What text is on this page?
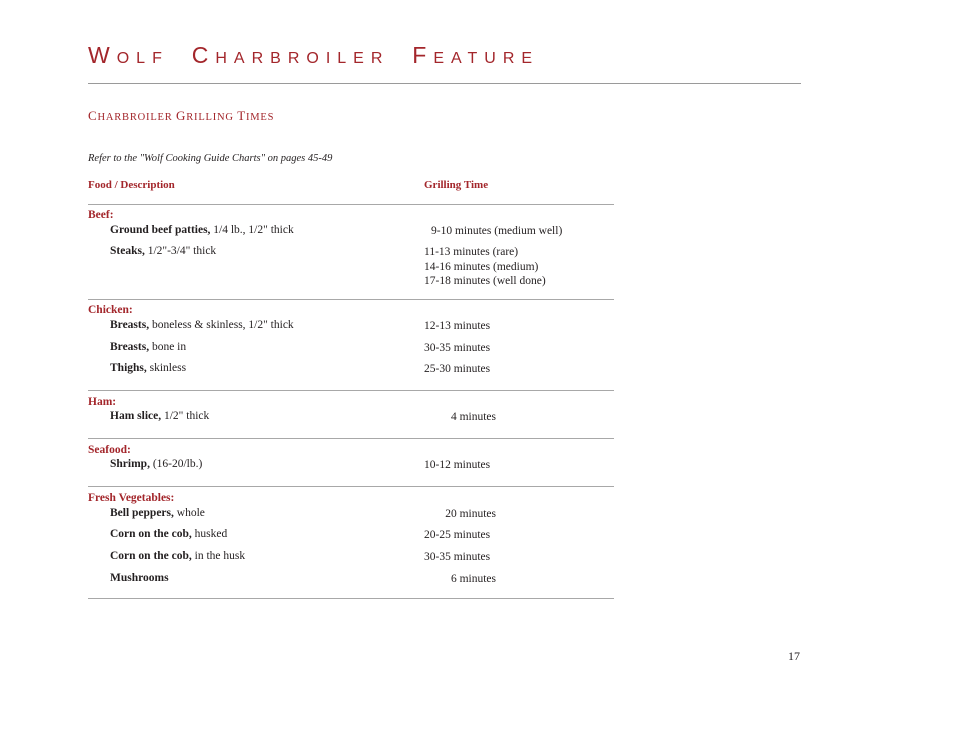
WOLF CHARBROILER FEATURE
CHARBROILER GRILLING TIMES
Refer to the "Wolf Cooking Guide Charts" on pages 45-49
Food / Description	Grilling Time
Beef:
Ground beef patties, 1/4 lb., 1/2" thick	9-10 minutes (medium well)
Steaks, 1/2"-3/4" thick	11-13 minutes (rare)
14-16 minutes (medium)
17-18 minutes (well done)
Chicken:
Breasts, boneless & skinless, 1/2" thick	12-13 minutes
Breasts, bone in	30-35 minutes
Thighs, skinless	25-30 minutes
Ham:
Ham slice, 1/2" thick	4 minutes
Seafood:
Shrimp, (16-20/lb.)	10-12 minutes
Fresh Vegetables:
Bell peppers, whole	20 minutes
Corn on the cob, husked	20-25 minutes
Corn on the cob, in the husk	30-35 minutes
Mushrooms	6 minutes
17
